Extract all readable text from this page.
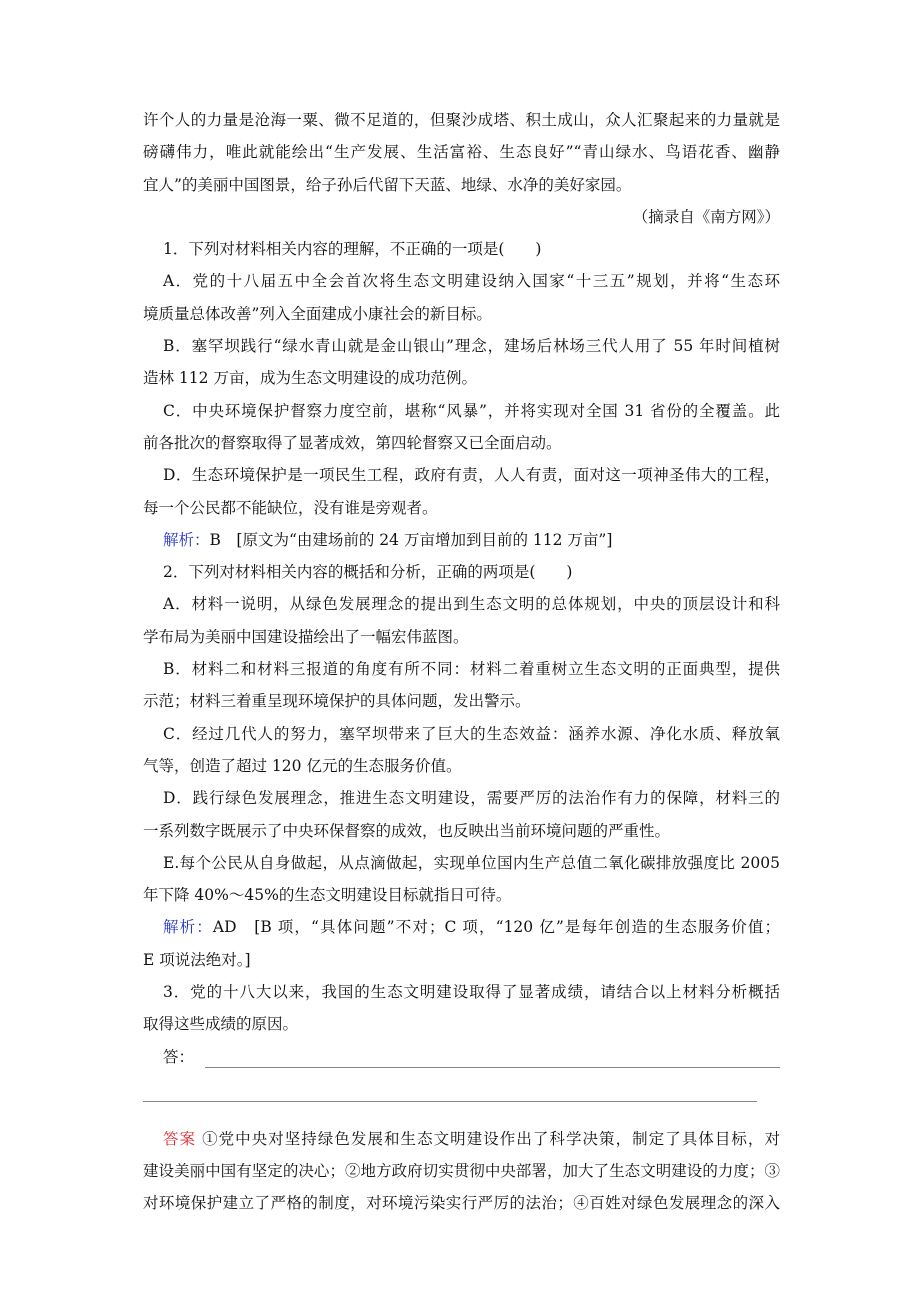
许个人的力量是沧海一粟、微不足道的，但聚沙成塔、积土成山，众人汇聚起来的力量就是
磅礴伟力，唯此就能绘出“生产发展、生活富裕、生态良好”“青山绿水、鸟语花香、幽静
宜人”的美丽中国图景，给子孙后代留下天蓝、地绿、水净的美好家园。
（摘录自《南方网》）
1．下列对材料相关内容的理解，不正确的一项是(　　)
A．党的十八届五中全会首次将生态文明建设纳入国家“十三五”规划，并将“生态环
境质量总体改善”列入全面建成小康社会的新目标。
B．塞罕坝践行“绿水青山就是金山银山”理念，建场后林场三代人用了 55 年时间植树
造林 112 万亩，成为生态文明建设的成功范例。
C．中央环境保护督察力度空前，堪称“风暴”，并将实现对全国 31 省份的全覆盖。此
前各批次的督察取得了显著成效，第四轮督察又已全面启动。
D．生态环境保护是一项民生工程，政府有责，人人有责，面对这一项神圣伟大的工程，
每一个公民都不能缺位，没有谁是旁观者。
解析：B　[原文为“由建场前的 24 万亩增加到目前的 112 万亩”]
2．下列对材料相关内容的概括和分析，正确的两项是(　　)
A．材料一说明，从绿色发展理念的提出到生态文明的总体规划，中央的顶层设计和科
学布局为美丽中国建设描绘出了一幅宏伟蓝图。
B．材料二和材料三报道的角度有所不同：材料二着重树立生态文明的正面典型，提供
示范；材料三着重呈现环境保护的具体问题，发出警示。
C．经过几代人的努力，塞罕坝带来了巨大的生态效益：涵养水源、净化水质、释放氧
气等，创造了超过 120 亿元的生态服务价值。
D．践行绿色发展理念，推进生态文明建设，需要严厉的法治作有力的保障，材料三的
一系列数字既展示了中央环保督察的成效，也反映出当前环境问题的严重性。
E.每个公民从自身做起，从点滴做起，实现单位国内生产总值二氧化碳排放强度比 2005
年下降 40%～45%的生态文明建设目标就指日可待。
解析：AD　[B 项，“具体问题”不对；C 项，“120 亿”是每年创造的生态服务价值；
E 项说法绝对。]
3．党的十八大以来，我国的生态文明建设取得了显著成绩，请结合以上材料分析概括
取得这些成绩的原因。
答：
答案 ①党中央对坚持绿色发展和生态文明建设作出了科学决策，制定了具体目标，对
建设美丽中国有坚定的决心；②地方政府切实贯彻中央部署，加大了生态文明建设的力度；③
对环境保护建立了严格的制度，对环境污染实行严厉的法治；④百姓对绿色发展理念的深入
